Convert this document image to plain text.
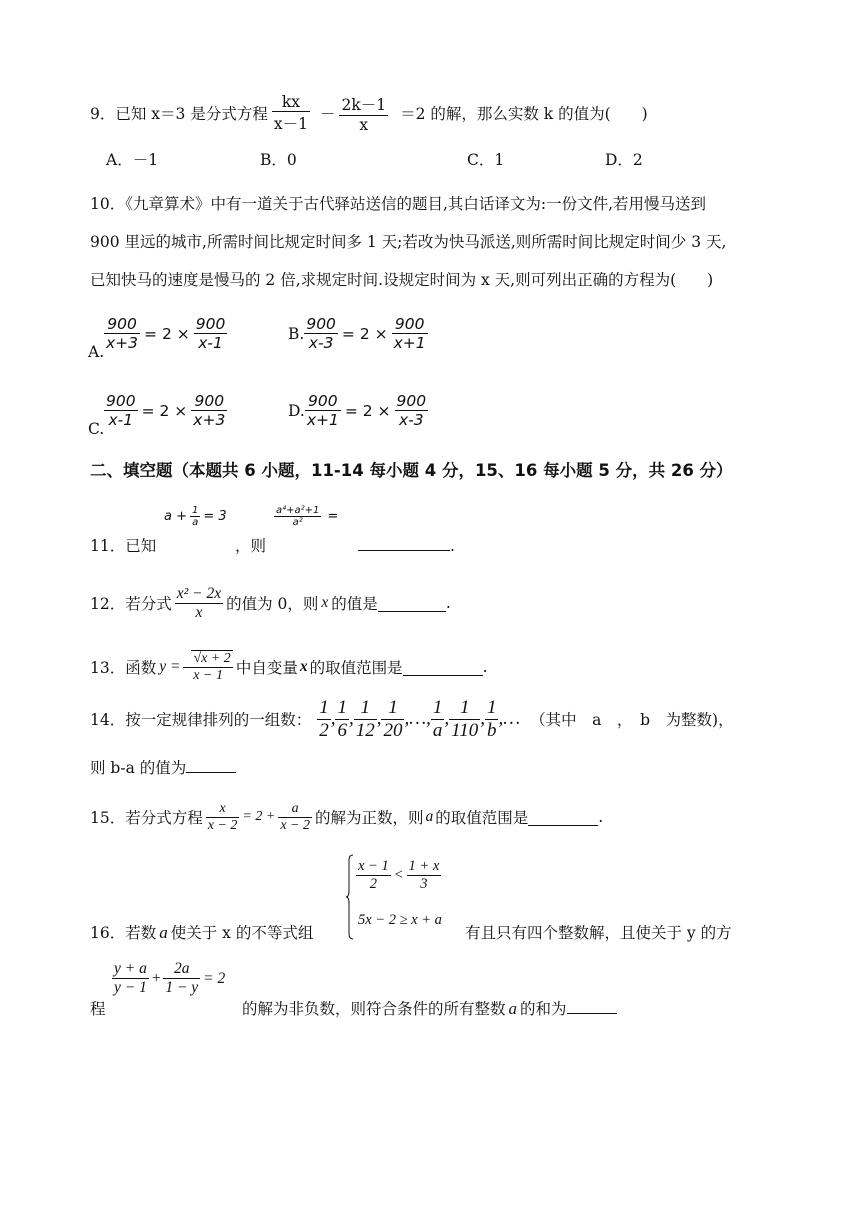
9． 已知 x＝3 是分式方程 $\frac{kx}{x-1} - \frac{2k-1}{x} =2$ 的解，那么实数 k 的值为(　　)
A．－1	B．0	C．1	D．2
10．《九章算术》中有一道关于古代驿站送信的题目,其白话译文为:一份文件,若用慢马送到
900 里远的城市,所需时间比规定时间多 1 天;若改为快马派送,则所需时间比规定时间少 3 天,
已知快马的速度是慢马的 2 倍,求规定时间.设规定时间为 x 天,则可列出正确的方程为(　　)
A. $\frac{900}{x+3} = 2 \times \frac{900}{x-1}$	B. $\frac{900}{x-3} = 2 \times \frac{900}{x+1}$
C. $\frac{900}{x-1} = 2 \times \frac{900}{x+3}$	D. $\frac{900}{x+1} = 2 \times \frac{900}{x-3}$
二、填空题（本题共 6 小题，11-14 每小题 4 分，15、16 每小题 5 分，共 26 分）
11．已知
$a + \frac{1}{a} = 3$
，则
$\frac{\text{a⁴+a²+1}}{\text{a²}}$ =
.
12．若分式 $\frac{\text{x² − 2x}}{x}$ 的值为 0，则 x 的值是	.
13．函数 $y = \frac{√x + 2}{x - 1}$ 中自变量 x 的取值范围是	.
14．按一定规律排列的一组数： $\frac{1}{2}$ , $\frac{1}{6}$ , $\frac{1}{12}$ , $\frac{1}{20}$ , … , $\frac{1}{a}$ , $\frac{1}{110}$ , $\frac{1}{b}$ , … （其中　a　，　b　为整数)，
则 b-a 的值为
15．若分式方程 $\frac{x}{x - 2} = 2 + \frac{a}{x - 2}$ 的解为正数，则 a 的取值范围是	.
16．若数 a 使关于 x 的不等式组
$\frac{x - 1}{2} < \frac{1 + x}{3}$
5x − 2 ≥ x + a
有且只有四个整数解，且使关于 y 的方
程
$\frac{y + a}{y - 1} + \frac{2a}{1 - y} = 2$
的解为非负数，则符合条件的所有整数 a 的和为
